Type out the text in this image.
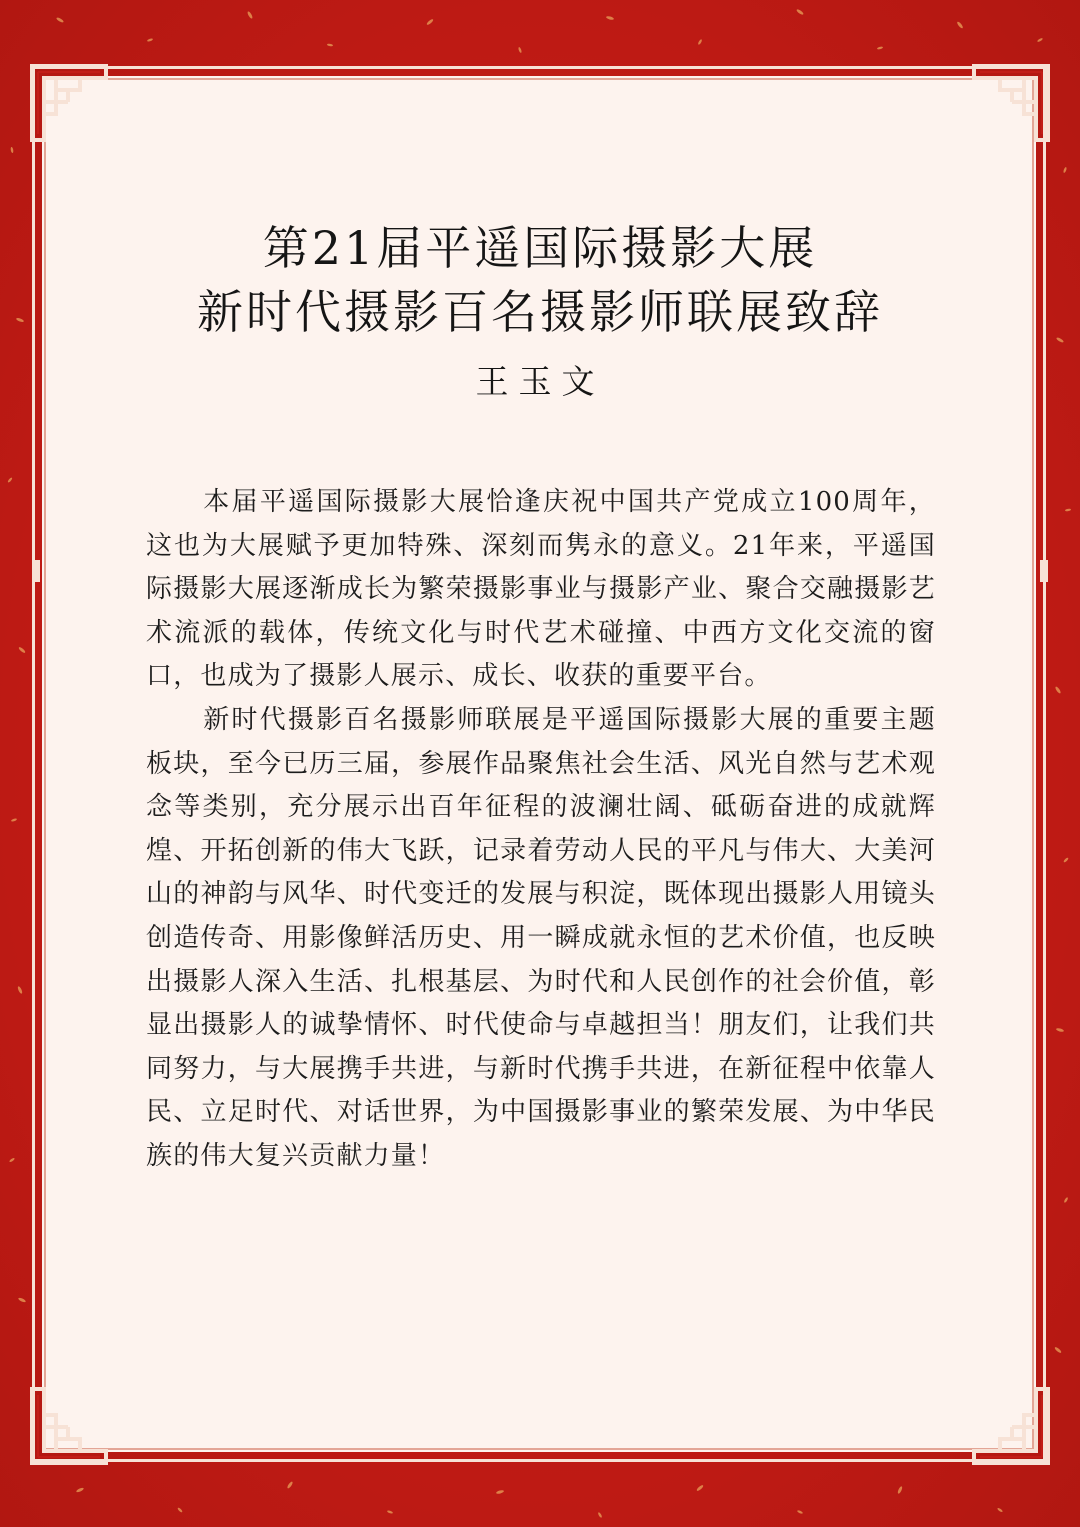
第21届平遥国际摄影大展
新时代摄影百名摄影师联展致辞
王玉文

本届平遥国际摄影大展恰逢庆祝中国共产党成立100周年，这也为大展赋予更加特殊、深刻而隽永的意义。21年来，平遥国际摄影大展逐渐成长为繁荣摄影事业与摄影产业、聚合交融摄影艺术流派的载体，传统文化与时代艺术碰撞、中西方文化交流的窗口，也成为了摄影人展示、成长、收获的重要平台。

新时代摄影百名摄影师联展是平遥国际摄影大展的重要主题板块，至今已历三届，参展作品聚焦社会生活、风光自然与艺术观念等类别，充分展示出百年征程的波澜壮阔、砥砺奋进的成就辉煌、开拓创新的伟大飞跃，记录着劳动人民的平凡与伟大、大美河山的神韵与风华、时代变迁的发展与积淀，既体现出摄影人用镜头创造传奇、用影像鲜活历史、用一瞬成就永恒的艺术价值，也反映出摄影人深入生活、扎根基层、为时代和人民创作的社会价值，彰显出摄影人的诚挚情怀、时代使命与卓越担当！朋友们，让我们共同努力，与大展携手共进，与新时代携手共进，在新征程中依靠人民、立足时代、对话世界，为中国摄影事业的繁荣发展、为中华民族的伟大复兴贡献力量！
